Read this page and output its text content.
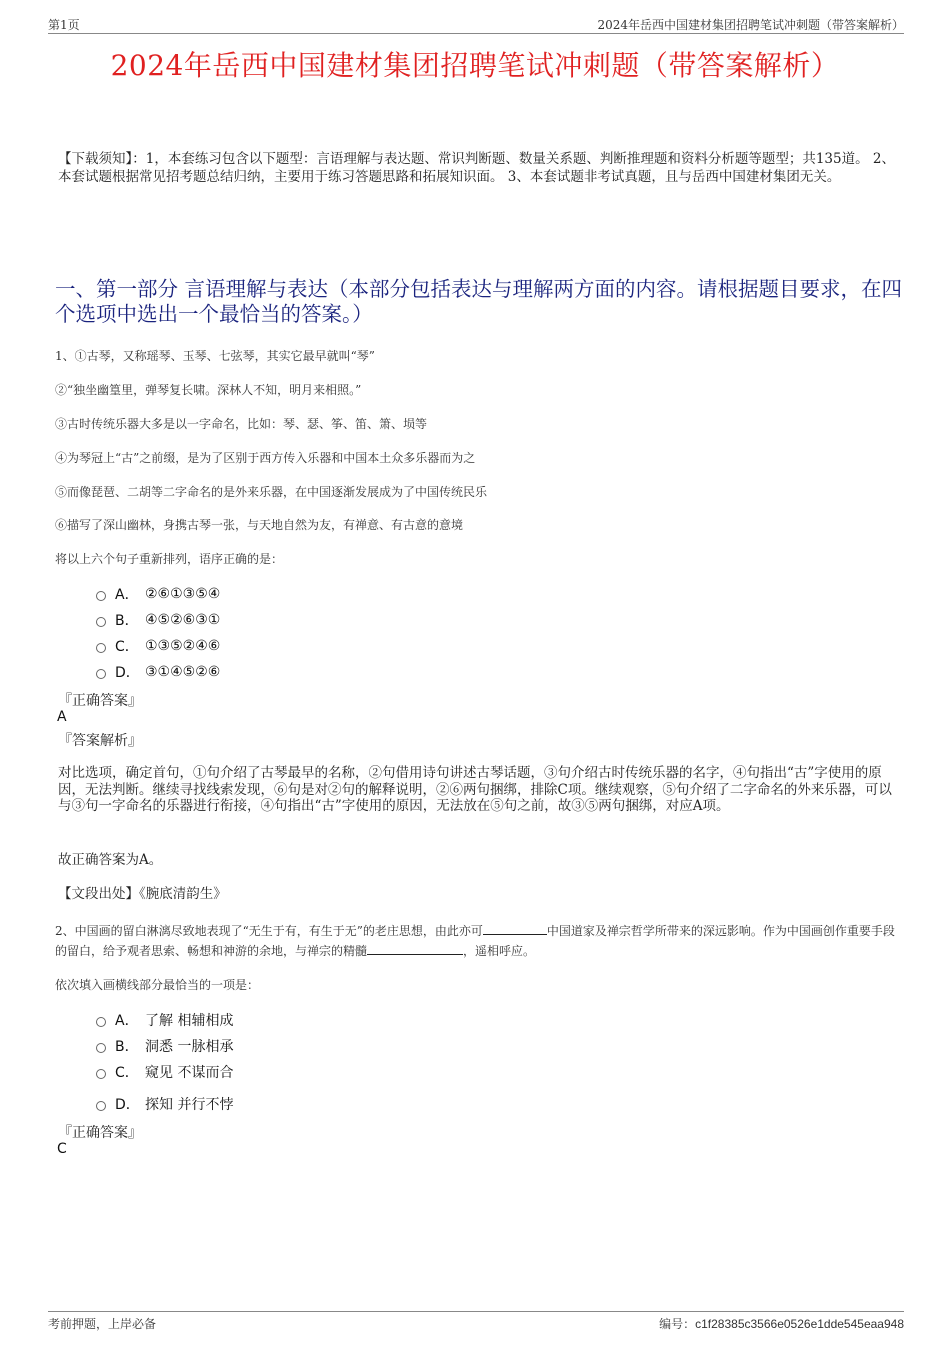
第1页	2024年岳西中国建材集团招聘笔试冲刺题（带答案解析）
2024年岳西中国建材集团招聘笔试冲刺题（带答案解析）
【下载须知】：1，本套练习包含以下题型：言语理解与表达题、常识判断题、数量关系题、判断推理题和资料分析题等题型；共135道。 2、本套试题根据常见招考题总结归纳，主要用于练习答题思路和拓展知识面。 3、本套试题非考试真题，且与岳西中国建材集团无关。
一、第一部分 言语理解与表达（本部分包括表达与理解两方面的内容。请根据题目要求，在四个选项中选出一个最恰当的答案。）
1、①古琴，又称瑶琴、玉琴、七弦琴，其实它最早就叫“琴”
②“独坐幽篁里，弹琴复长啸。深林人不知，明月来相照。”
③古时传统乐器大多是以一字命名，比如：琴、瑟、筝、笛、箫、埙等
④为琴冠上“古”之前缀，是为了区别于西方传入乐器和中国本土众多乐器而为之
⑤而像琵琶、二胡等二字命名的是外来乐器，在中国逐渐发展成为了中国传统民乐
⑥描写了深山幽林，身携古琴一张，与天地自然为友，有禅意、有古意的意境
将以上六个句子重新排列，语序正确的是：
A． ②⑥①③⑤④
B． ④⑤②⑥③①
C． ①③⑤②④⑥
D． ③①④⑤②⑥
『正确答案』
A
『答案解析』
对比选项，确定首句，①句介绍了古琴最早的名称，②句借用诗句讲述古琴话题，③句介绍古时传统乐器的名字，④句指出“古”字使用的原因，无法判断。继续寻找线索发现，⑥句是对②句的解释说明，②⑥两句捆绑，排除C项。继续观察，⑤句介绍了二字命名的外来乐器，可以与③句一字命名的乐器进行衔接，④句指出“古”字使用的原因，无法放在⑤句之前，故③⑤两句捆绑，对应A项。
故正确答案为A。
【文段出处】《腕底清韵生》
2、中国画的留白淋漓尽致地表现了“无生于有，有生于无”的老庄思想，由此亦可	中国道家及禅宗哲学所带来的深远影响。作为中国画创作重要手段的留白，给予观者思索、畅想和神游的余地，与禅宗的精髓	，遥相呼应。
依次填入画横线部分最恰当的一项是：
A． 了解 相辅相成
B． 洞悉 一脉相承
C． 窥见 不谋而合
D． 探知 并行不悖
『正确答案』
C
考前押题，上岸必备	编号：c1f28385c3566e0526e1dde545eaa948
